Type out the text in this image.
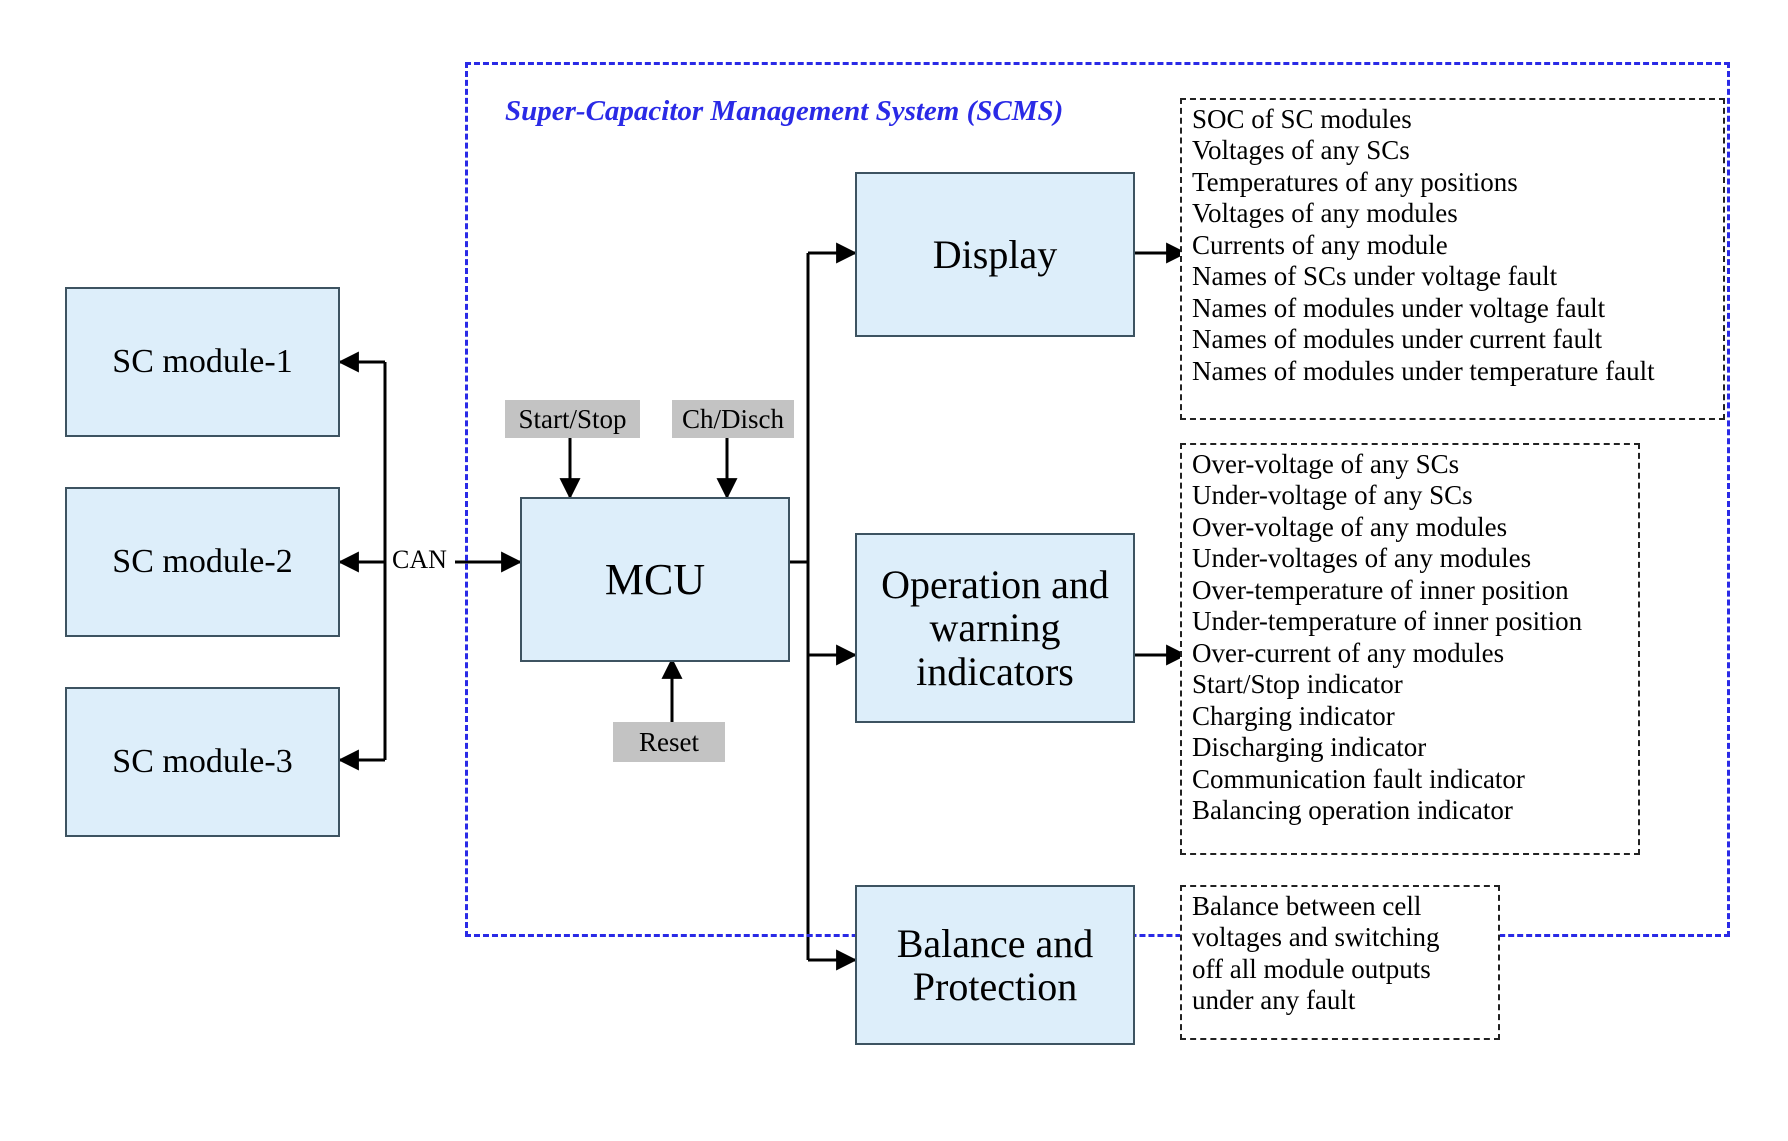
Super-Capacitor Management System (SCMS)
SC module-1
SC module-2
SC module-3
CAN	MCU
Start/Stop Ch/Disch
Reset
Display
Operation and warning indicators
Balance and Protection
SOC of SC modules
Voltages of any SCs
Temperatures of any positions
Voltages of any modules
Currents of any module
Names of SCs under voltage fault
Names of modules under voltage fault
Names of modules under current fault
Names of modules under temperature fault
Over-voltage of any SCs
Under-voltage of any SCs
Over-voltage of any modules
Under-voltages of any modules
Over-temperature of inner position
Under-temperature of inner position
Over-current of any modules
Start/Stop indicator
Charging indicator
Discharging indicator
Communication fault indicator
Balancing operation indicator
Balance between cell
voltages and switching
off all module outputs
under any fault
